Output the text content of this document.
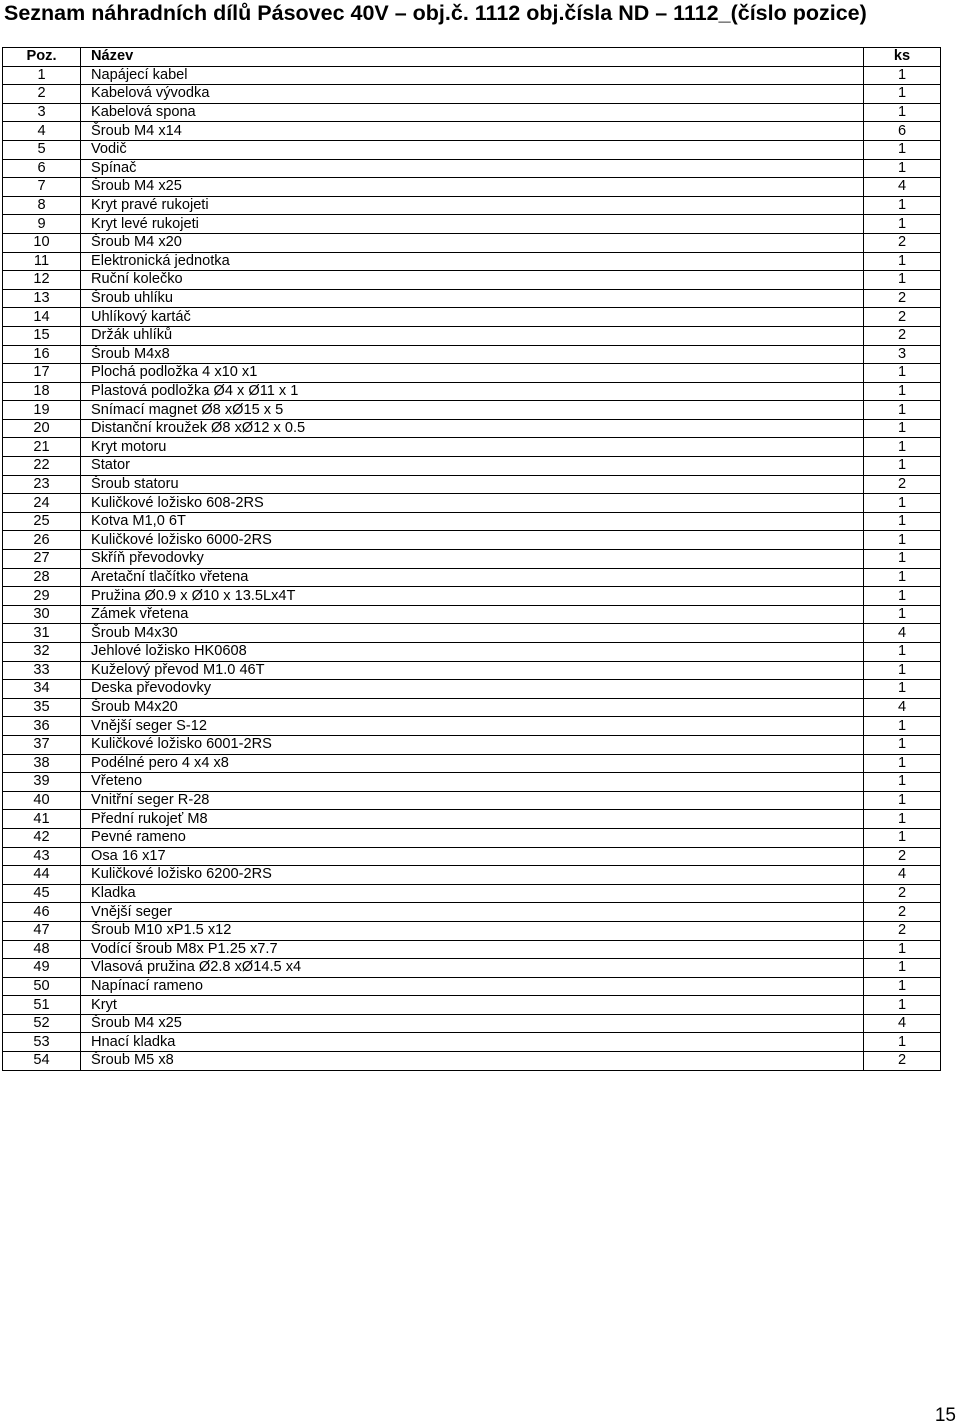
Seznam náhradních dílů Pásovec 40V – obj.č. 1112 obj.čísla ND – 1112_(číslo pozice)
Poz.	Název	ks
1	Napájecí kabel	1
2	Kabelová vývodka	1
3	Kabelová spona	1
4	Šroub M4 x14	6
5	Vodič	1
6	Spínač	1
7	Šroub M4 x25	4
8	Kryt pravé rukojeti	1
9	Kryt levé rukojeti	1
10	Šroub M4 x20	2
11	Elektronická jednotka	1
12	Ruční kolečko	1
13	Šroub uhlíku	2
14	Uhlíkový kartáč	2
15	Držák uhlíků	2
16	Šroub M4x8	3
17	Plochá podložka 4 x10 x1	1
18	Plastová podložka Ø4 x Ø11 x 1	1
19	Snímací magnet Ø8 xØ15 x 5	1
20	Distanční kroužek Ø8 xØ12 x 0.5	1
21	Kryt motoru	1
22	Stator	1
23	Šroub statoru	2
24	Kuličkové ložisko 608-2RS	1
25	Kotva M1,0 6T	1
26	Kuličkové ložisko 6000-2RS	1
27	Skříň převodovky	1
28	Aretační tlačítko vřetena	1
29	Pružina Ø0.9 x Ø10 x 13.5Lx4T	1
30	Zámek vřetena	1
31	Šroub M4x30	4
32	Jehlové ložisko HK0608	1
33	Kuželový převod M1.0 46T	1
34	Deska převodovky	1
35	Šroub M4x20	4
36	Vnější seger S-12	1
37	Kuličkové ložisko 6001-2RS	1
38	Podélné pero 4 x4 x8	1
39	Vřeteno	1
40	Vnitřní seger R-28	1
41	Přední rukojeť M8	1
42	Pevné rameno	1
43	Osa 16 x17	2
44	Kuličkové ložisko 6200-2RS	4
45	Kladka	2
46	Vnější seger	2
47	Šroub M10 xP1.5 x12	2
48	Vodící šroub M8x P1.25 x7.7	1
49	Vlasová pružina Ø2.8 xØ14.5 x4	1
50	Napínací rameno	1
51	Kryt	1
52	Šroub M4 x25	4
53	Hnací kladka	1
54	Šroub M5 x8	2
15
